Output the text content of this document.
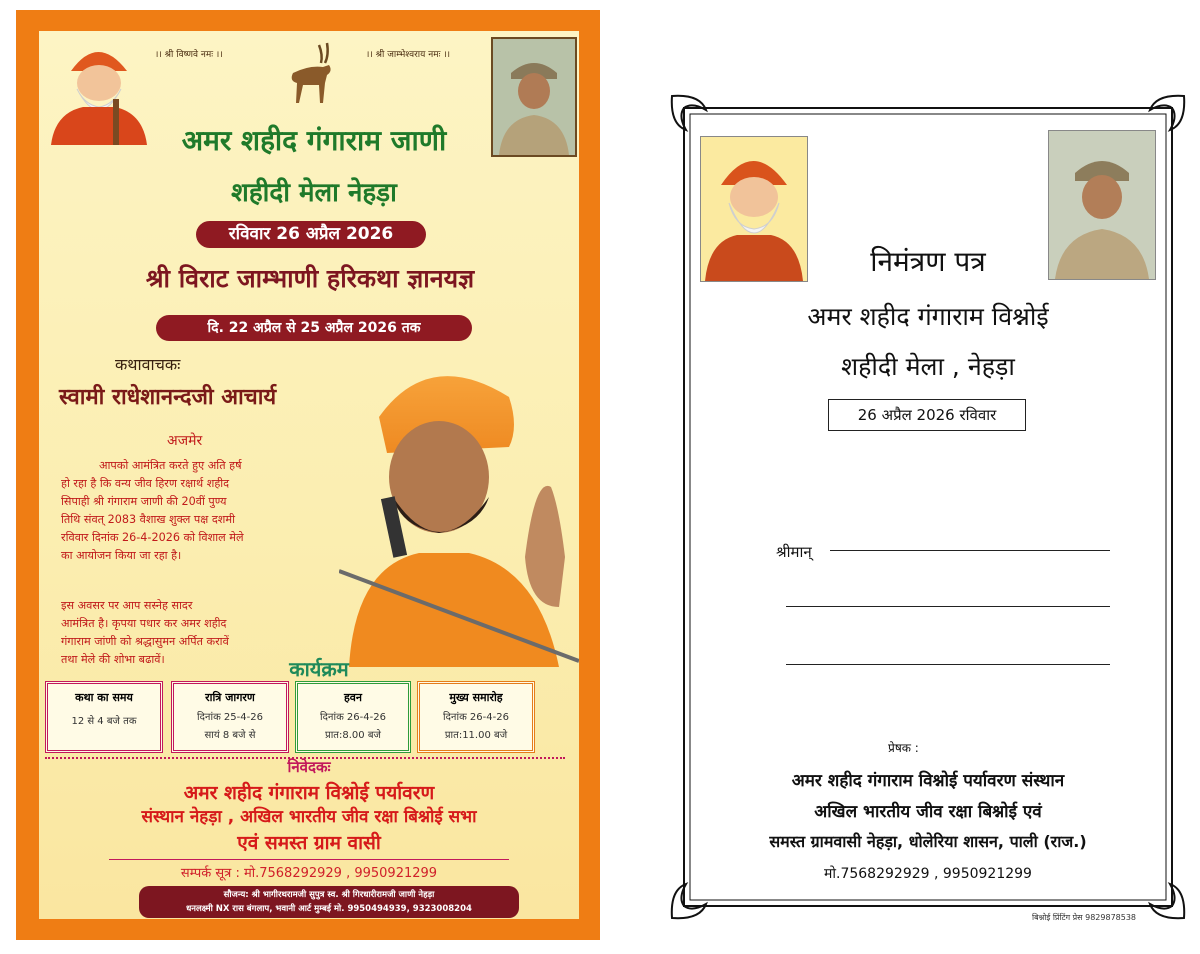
।। श्री विष्णवे नमः ।।	।। श्री जाम्भेश्वराय नमः ।।
अमर शहीद गंगाराम जाणी
शहीदी मेला नेहड़ा
रविवार 26 अप्रैल 2026
श्री विराट जाम्भाणी हरिकथा ज्ञानयज्ञ
दि. 22 अप्रैल से 25 अप्रैल 2026 तक
कथावाचकः
स्वामी राधेशानन्दजी आचार्य
अजमेर
आपको आमंत्रित करते हुए अति हर्ष
हो रहा है कि वन्य जीव हिरण रक्षार्थ शहीद
सिपाही श्री गंगाराम जाणी की 20वीं पुण्य
तिथि संवत् 2083 वैशाख शुक्ल पक्ष दशमी
रविवार दिनांक 26-4-2026 को विशाल मेले
का आयोजन किया जा रहा है।
इस अवसर पर आप सस्नेह सादर
आमंत्रित है। कृपया पधार कर अमर शहीद
गंगाराम जांणी को श्रद्धासुमन अर्पित करावें
तथा मेले की शोभा बढावें।	कार्यक्रम
कथा का समय
12 से 4 बजे तक
रात्रि जागरण
दिनांक 25-4-26
सायं 8 बजे से
हवन
दिनांक 26-4-26
प्रात:8.00 बजे
मुख्य समारोह
दिनांक 26-4-26
प्रात:11.00 बजे
निवेदकः
अमर शहीद गंगाराम विश्नोई पर्यावरण
संस्थान नेहड़ा , अखिल भारतीय जीव रक्षा बिश्नोई सभा
एवं समस्त ग्राम वासी
सम्पर्क सूत्र : मो.7568292929 , 9950921299
सौजन्य: श्री भागीरथरामजी सुपुत्र स्व. श्री गिरधारीरामजी जाणी नेहड़ा
धनलक्ष्मी NX रास बंगलाप, भवानी आर्ट मुम्बई मो. 9950494939, 9323008204
निमंत्रण पत्र
अमर शहीद गंगाराम विश्नोई
शहीदी मेला , नेहड़ा
26 अप्रैल 2026 रविवार
श्रीमान्
प्रेषक :
अमर शहीद गंगाराम विश्नोई पर्यावरण संस्थान
अखिल भारतीय जीव रक्षा बिश्नोई एवं
समस्त ग्रामवासी नेहड़ा, धोलेरिया शासन, पाली (राज.)
मो.7568292929 , 9950921299
बिश्नोई प्रिंटिंग प्रेस 9829878538
